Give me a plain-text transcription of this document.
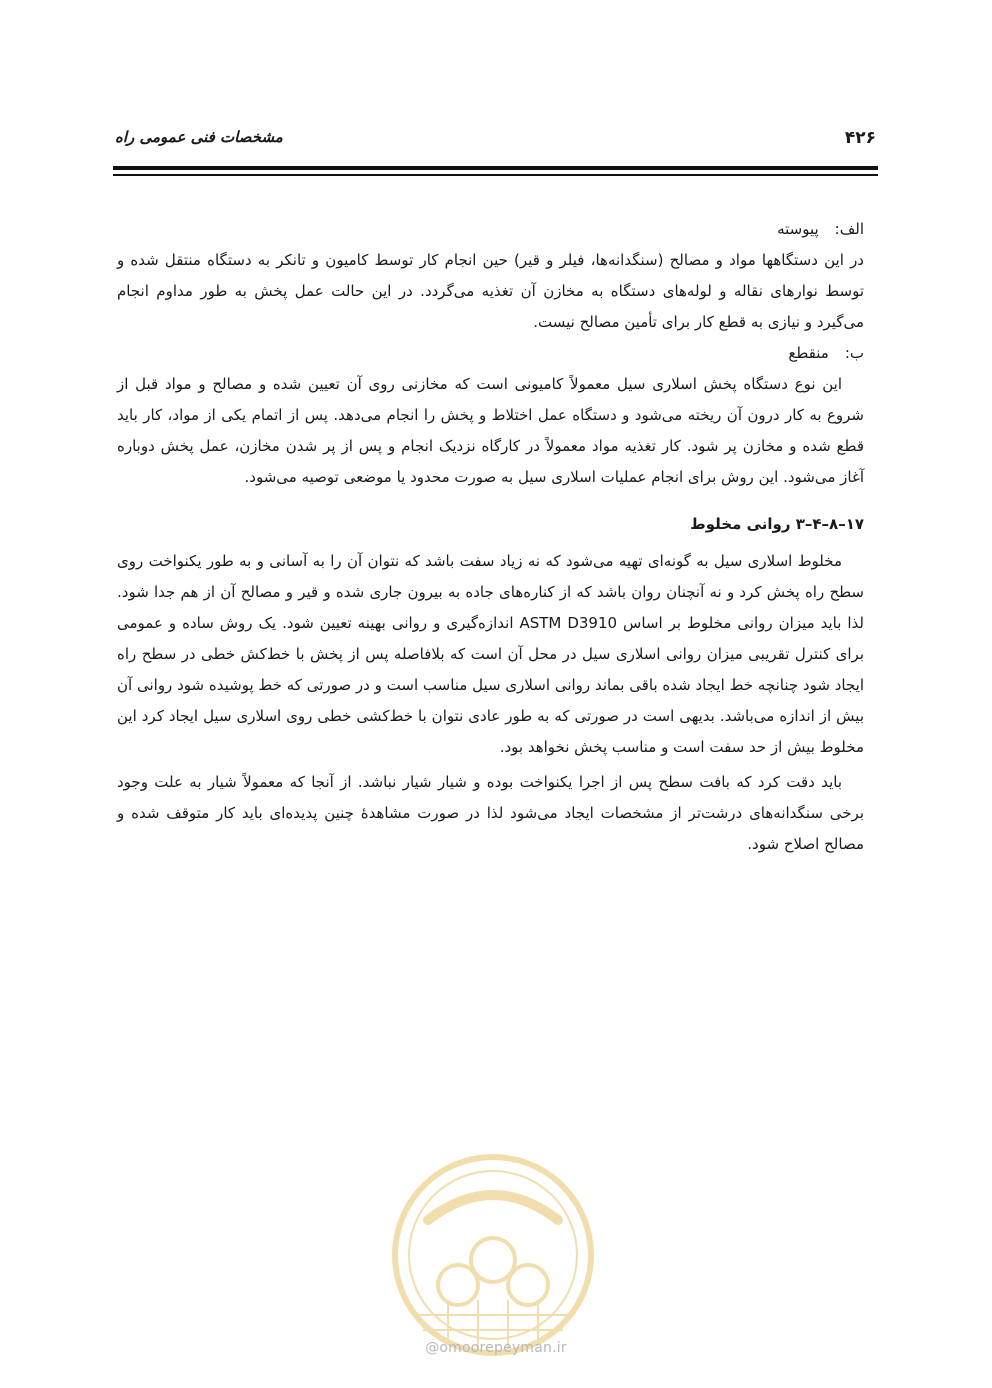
۴۲۶
مشخصات فنی عمومی راه
الف:پیوسته

در این دستگاهها مواد و مصالح (سنگدانه‌ها، فیلر و قیر) حین انجام کار توسط کامیون و تانکر به دستگاه منتقل شده و توسط نوارهای نقاله و لوله‌های دستگاه به مخازن آن تغذیه می‌گردد. در این حالت عمل پخش به طور مداوم انجام می‌گیرد و نیازی به قطع کار برای تأمین مصالح نیست.

ب:منقطع

این نوع دستگاه پخش اسلاری سیل معمولاً کامیونی است که مخازنی روی آن تعیین شده و مصالح و مواد قبل از شروع به کار درون آن ریخته می‌شود و دستگاه عمل اختلاط و پخش را انجام می‌دهد. پس از اتمام یکی از مواد، کار باید قطع شده و مخازن پر شود. کار تغذیه مواد معمولاً در کارگاه نزدیک انجام و پس از پر شدن مخازن، عمل پخش دوباره آغاز می‌شود. این روش برای انجام عملیات اسلاری سیل به صورت محدود یا موضعی توصیه می‌شود.

۱۷–۸–۴–۳ روانی مخلوط

مخلوط اسلاری سیل به گونه‌ای تهیه می‌شود که نه زیاد سفت باشد که نتوان آن را به آسانی و به طور یکنواخت روی سطح راه پخش کرد و نه آنچنان روان باشد که از کناره‌های جاده به بیرون جاری شده و قیر و مصالح آن از هم جدا شود. لذا باید میزان روانی مخلوط بر اساس ASTM D3910 اندازه‌گیری و روانی بهینه تعیین شود. یک روش ساده و عمومی برای کنترل تقریبی میزان روانی اسلاری سیل در محل آن است که بلافاصله پس از پخش با خط‌کش خطی در سطح راه ایجاد شود چنانچه خط ایجاد شده باقی بماند روانی اسلاری سیل مناسب است و در صورتی که خط پوشیده شود روانی آن بیش از اندازه می‌باشد. بدیهی است در صورتی که به طور عادی نتوان با خط‌کشی خطی روی اسلاری سیل ایجاد کرد این مخلوط بیش از حد سفت است و مناسب پخش نخواهد بود.

باید دقت کرد که بافت سطح پس از اجرا یکنواخت بوده و شیار شیار نباشد. از آنجا که معمولاً شیار به علت وجود برخی سنگدانه‌های درشت‌تر از مشخصات ایجاد می‌شود لذا در صورت مشاهدهٔ چنین پدیده‌ای باید کار متوقف شده و مصالح اصلاح شود.

@omoorepeyman.ir
